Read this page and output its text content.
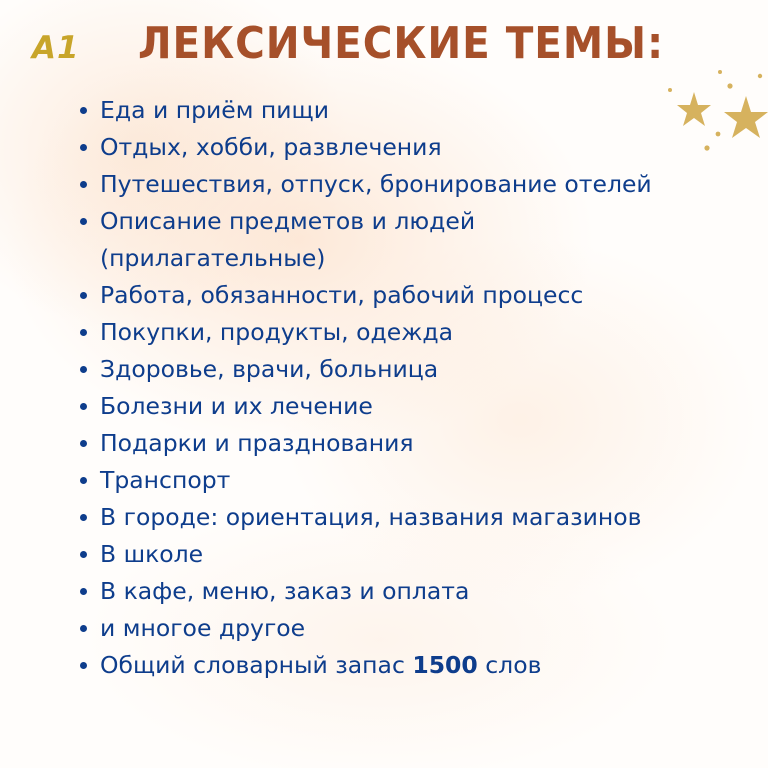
A1 ЛЕКСИЧЕСКИЕ ТЕМЫ:
Еда и приём пищи
Отдых, хобби, развлечения
Путешествия, отпуск, бронирование отелей
Описание предметов и людей (прилагательные)
Работа, обязанности, рабочий процесс
Покупки, продукты, одежда
Здоровье, врачи, больница
Болезни и их лечение
Подарки и празднования
Транспорт
В городе: ориентация, названия магазинов
В школе
В кафе, меню, заказ и оплата
и многое другое
Общий словарный запас 1500 слов
